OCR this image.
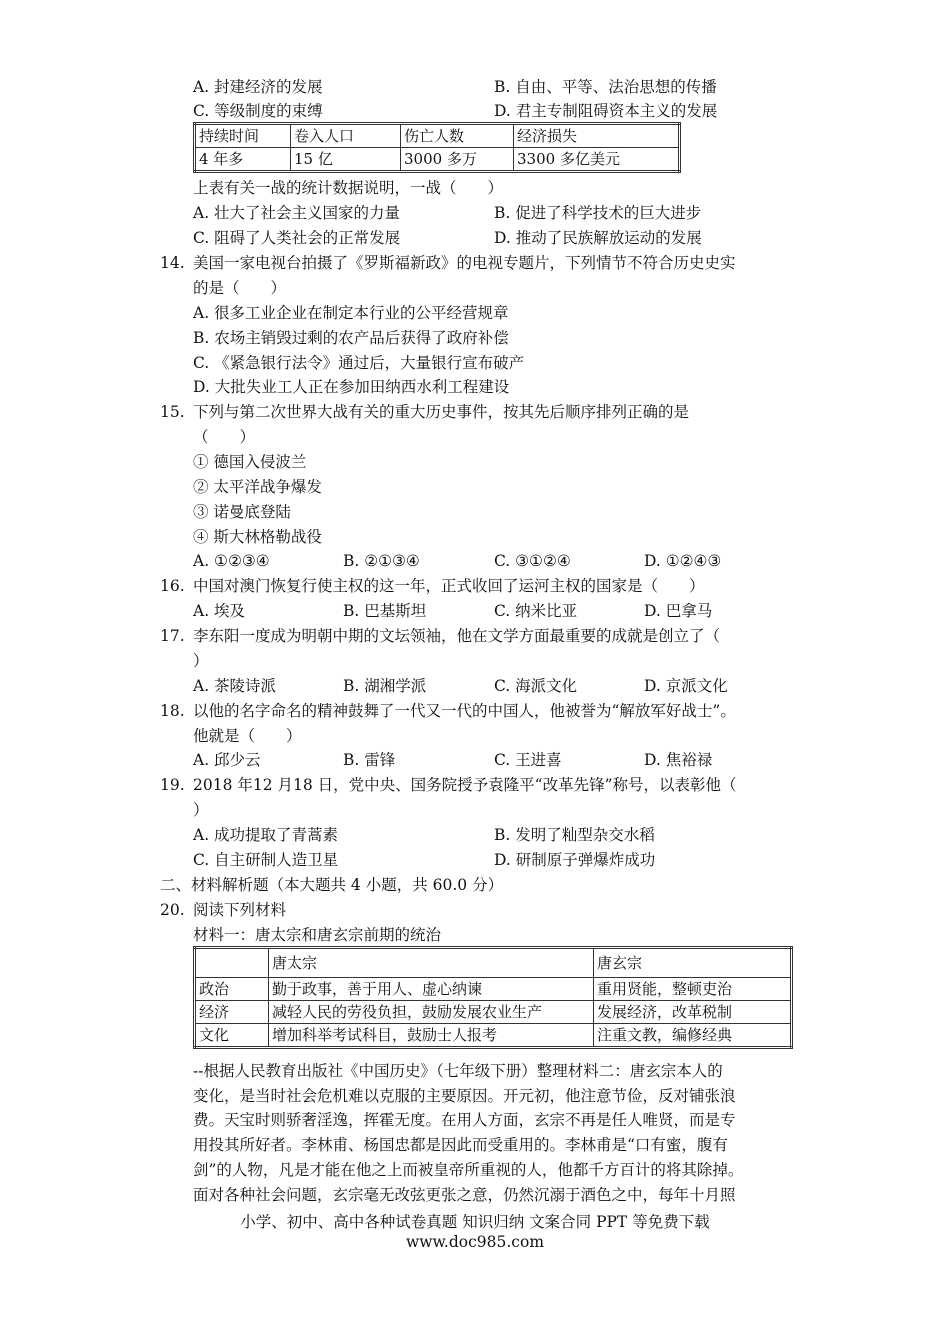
A. 封建经济的发展	B. 自由、平等、法治思想的传播
C. 等级制度的束缚	D. 君主专制阻碍资本主义的发展
持续时间	卷入人口	伤亡人数	经济损失
4 年多	15 亿	3000 多万	3300 多亿美元
上表有关一战的统计数据说明，一战（　　）
A. 壮大了社会主义国家的力量	B. 促进了科学技术的巨大进步
C. 阻碍了人类社会的正常发展	D. 推动了民族解放运动的发展
14. 美国一家电视台拍摄了《罗斯福新政》的电视专题片，下列情节不符合历史史实
的是（　　）
A. 很多工业企业在制定本行业的公平经营规章
B. 农场主销毁过剩的农产品后获得了政府补偿
C. 《紧急银行法令》通过后，大量银行宣布破产
D. 大批失业工人正在参加田纳西水利工程建设
15. 下列与第二次世界大战有关的重大历史事件，按其先后顺序排列正确的是
（　　）
① 德国入侵波兰
② 太平洋战争爆发
③ 诺曼底登陆
④ 斯大林格勒战役
A. ①②③④	B. ②①③④	C. ③①②④	D. ①②④③
16. 中国对澳门恢复行使主权的这一年，正式收回了运河主权的国家是（　　）
A. 埃及	B. 巴基斯坦	C. 纳米比亚	D. 巴拿马
17. 李东阳一度成为明朝中期的文坛领袖，他在文学方面最重要的成就是创立了（
）
A. 茶陵诗派	B. 湖湘学派	C. 海派文化	D. 京派文化
18. 以他的名字命名的精神鼓舞了一代又一代的中国人，他被誉为“解放军好战士”。
他就是（　　）
A. 邱少云	B. 雷锋	C. 王进喜	D. 焦裕禄
19. 2018 年12 月18 日，党中央、国务院授予袁隆平“改革先锋”称号，以表彰他（
）
A. 成功提取了青蒿素	B. 发明了籼型杂交水稻
C. 自主研制人造卫星	D. 研制原子弹爆炸成功
二、材料解析题（本大题共 4 小题，共 60.0 分）
20. 阅读下列材料
材料一：唐太宗和唐玄宗前期的统治
	唐太宗	唐玄宗
政治	勤于政事，善于用人、虚心纳谏	重用贤能，整顿吏治
经济	减轻人民的劳役负担，鼓励发展农业生产	发展经济，改革税制
文化	增加科举考试科目，鼓励士人报考	注重文教，编修经典
--根据人民教育出版社《中国历史》（七年级下册）整理材料二：唐玄宗本人的
变化，是当时社会危机难以克服的主要原因。开元初，他注意节俭，反对铺张浪
费。天宝时则骄奢淫逸，挥霍无度。在用人方面，玄宗不再是任人唯贤，而是专
用投其所好者。李林甫、杨国忠都是因此而受重用的。李林甫是“口有蜜，腹有
剑”的人物，凡是才能在他之上而被皇帝所重视的人，他都千方百计的将其除掉。
面对各种社会问题，玄宗毫无改弦更张之意，仍然沉溺于酒色之中，每年十月照
小学、初中、高中各种试卷真题 知识归纳 文案合同 PPT 等免费下载
www.doc985.com
